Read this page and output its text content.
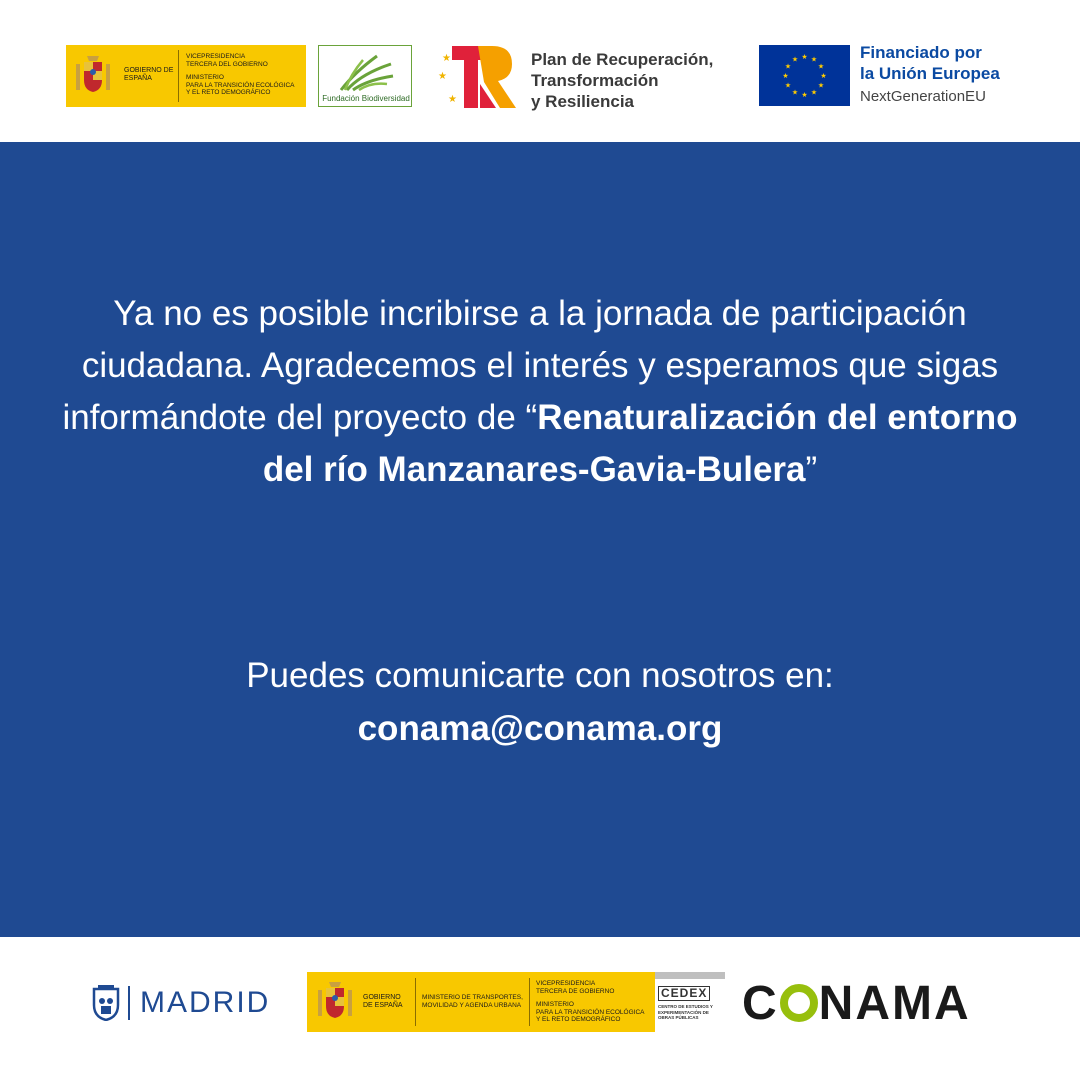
GOBIERNO DE ESPAÑA
VICEPRESIDENCIA
TERCERA DEL GOBIERNO
MINISTERIO
PARA LA TRANSICIÓN ECOLÓGICA
Y EL RETO DEMOGRÁFICO
Fundación Biodiversidad
★
★
★
Plan de Recuperación,
Transformación
y Resiliencia
★ ★
★
★
★
★
★
★
★
★
★
★	Financiado por
la Unión Europea
NextGenerationEU
Ya no es posible incribirse a la jornada de participación ciudadana. Agradecemos el interés y esperamos que sigas informándote del proyecto de “Renaturalización del entorno del río Manzanares-Gavia-Bulera”
Puedes comunicarte con nosotros en:
conama@conama.org
MADRID	GOBIERNO DE ESPAÑA
MINISTERIO DE TRANSPORTES, MOVILIDAD Y AGENDA URBANA
VICEPRESIDENCIA
TERCERA DE GOBIERNO
MINISTERIO
PARA LA TRANSICIÓN ECOLÓGICA
Y EL RETO DEMOGRÁFICO
CEDEX
CENTRO DE ESTUDIOS Y EXPERIMENTACIÓN DE OBRAS PÚBLICAS C NAMA
